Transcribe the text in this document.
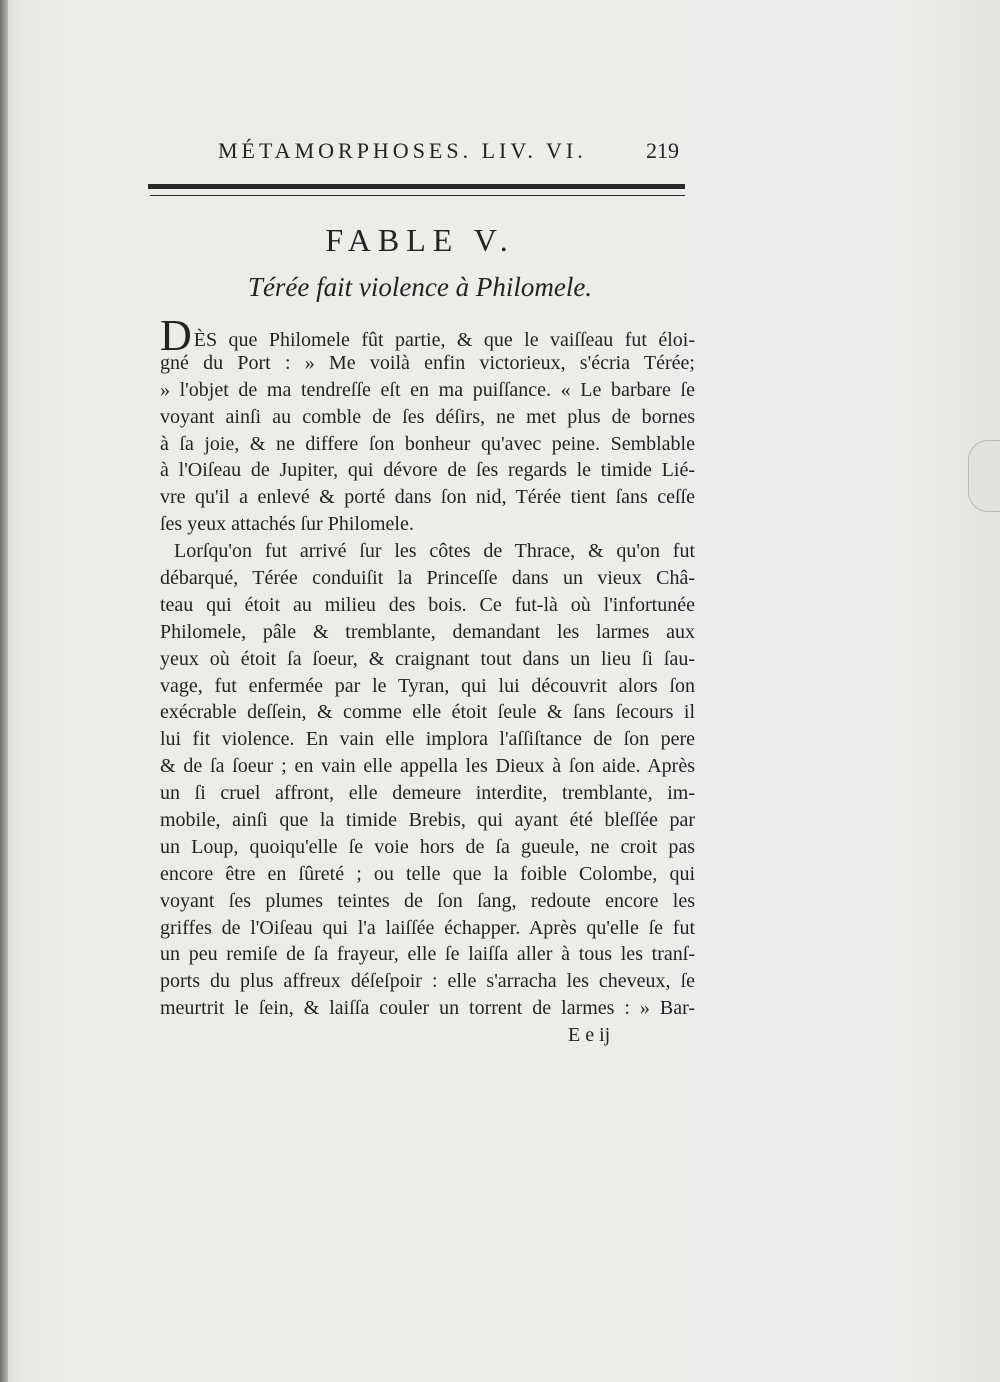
MÉTAMORPHOSES. LIV. VI.	219
FABLE V.
Térée fait violence à Philomele.
DÈS que Philomele fût partie, & que le vaiſſeau fut éloi-
gné du Port : » Me voilà enfin victorieux, s'écria Térée;
» l'objet de ma tendreſſe eſt en ma puiſſance. « Le barbare ſe
voyant ainſi au comble de ſes déſirs, ne met plus de bornes
à ſa joie, & ne differe ſon bonheur qu'avec peine. Semblable
à l'Oiſeau de Jupiter, qui dévore de ſes regards le timide Lié-
vre qu'il a enlevé & porté dans ſon nid, Térée tient ſans ceſſe
ſes yeux attachés ſur Philomele.
Lorſqu'on fut arrivé ſur les côtes de Thrace, & qu'on fut
débarqué, Térée conduiſit la Princeſſe dans un vieux Châ-
teau qui étoit au milieu des bois. Ce fut-là où l'infortunée
Philomele, pâle & tremblante, demandant les larmes aux
yeux où étoit ſa ſoeur, & craignant tout dans un lieu ſi ſau-
vage, fut enfermée par le Tyran, qui lui découvrit alors ſon
exécrable deſſein, & comme elle étoit ſeule & ſans ſecours il
lui fit violence. En vain elle implora l'aſſiſtance de ſon pere
& de ſa ſoeur ; en vain elle appella les Dieux à ſon aide. Après
un ſi cruel affront, elle demeure interdite, tremblante, im-
mobile, ainſi que la timide Brebis, qui ayant été bleſſée par
un Loup, quoiqu'elle ſe voie hors de ſa gueule, ne croit pas
encore être en ſûreté ; ou telle que la foible Colombe, qui
voyant ſes plumes teintes de ſon ſang, redoute encore les
griffes de l'Oiſeau qui l'a laiſſée échapper. Après qu'elle ſe fut
un peu remiſe de ſa frayeur, elle ſe laiſſa aller à tous les tranſ-
ports du plus affreux déſeſpoir : elle s'arracha les cheveux, ſe
meurtrit le ſein, & laiſſa couler un torrent de larmes : » Bar-
E e ij
